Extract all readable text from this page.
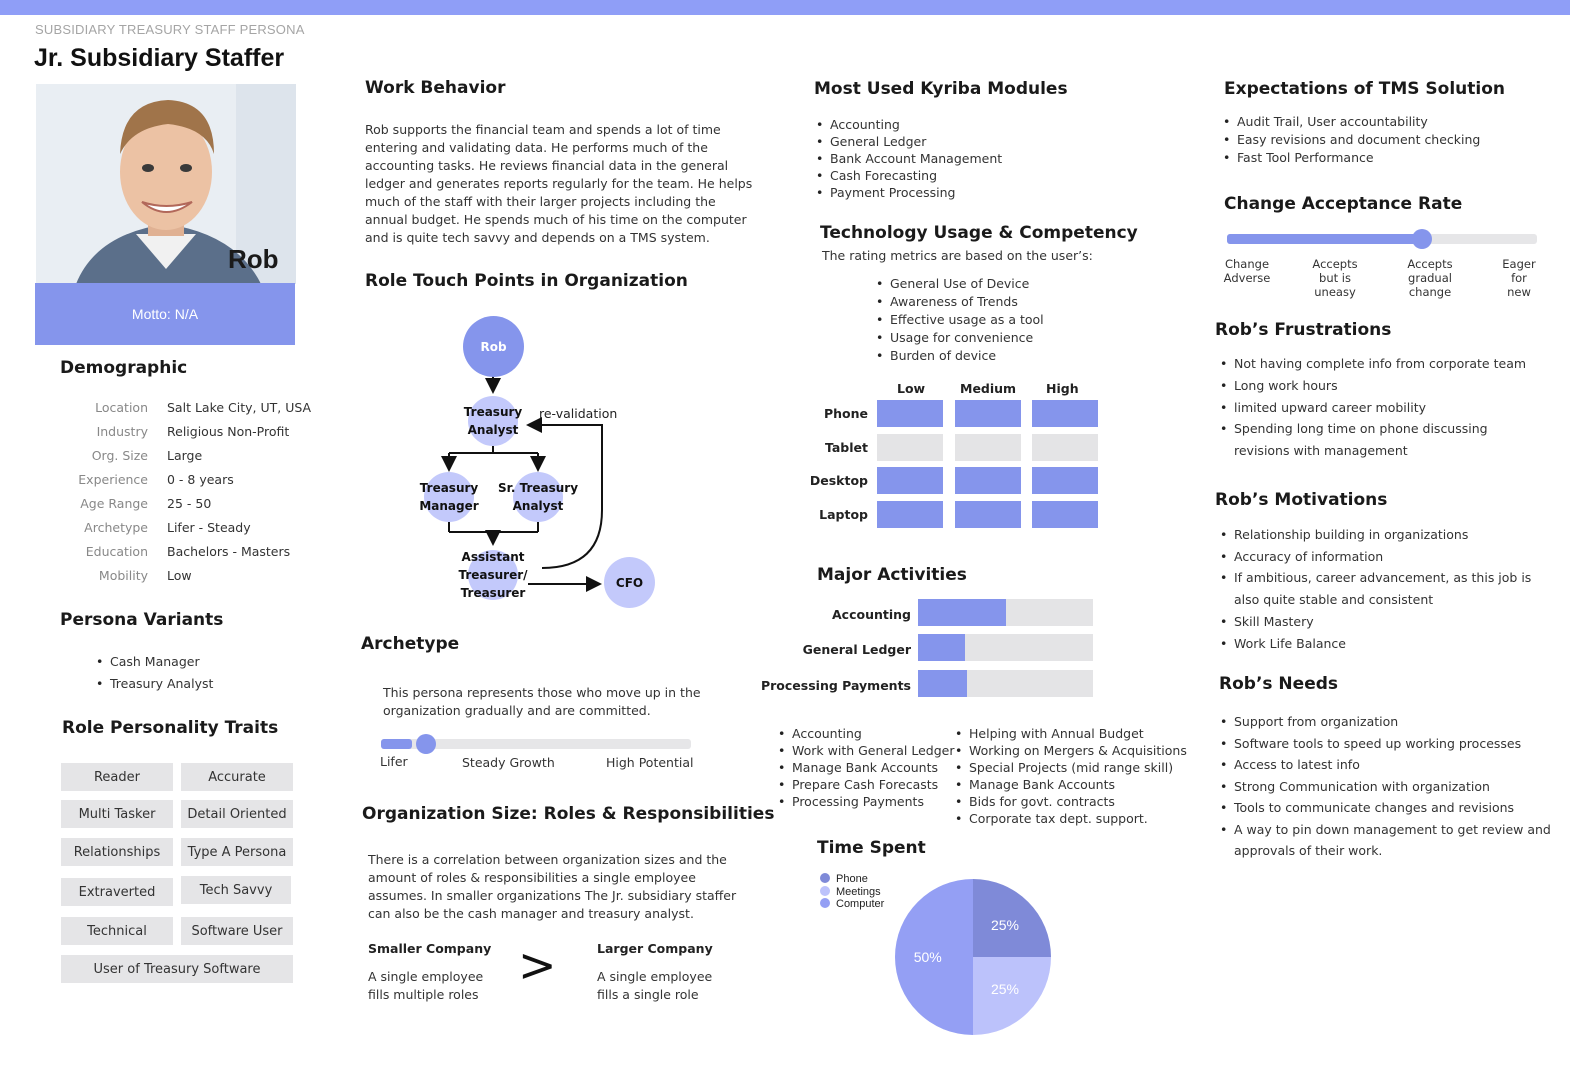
SUBSIDIARY TREASURY STAFF PERSONA
Jr. Subsidiary Staffer
Rob
Motto: N/A
Demographic
Location Salt Lake City, UT, USA
Industry Religious Non-Profit
Org. Size Large
Experience 0 - 8 years
Age Range 25 - 50
Archetype Lifer - Steady
Education Bachelors - Masters
Mobility Low
Persona Variants
• Cash Manager
• Treasury Analyst
Role Personality Traits
Reader	Accurate
Multi Tasker	Detail Oriented
Relationships	Type A Persona
Extraverted	Tech Savvy
Technical	Software User
User of Treasury Software
Work Behavior
Rob supports the financial team and spends a lot of time
entering and validating data. He performs much of the
accounting tasks. He reviews financial data in the general
ledger and generates reports regularly for the team. He helps
much of the staff with their larger projects including the
annual budget. He spends much of his time on the computer
and is quite tech savvy and depends on a TMS system.
Role Touch Points in Organization
Rob
Treasury
Analyst
re-validation
Treasury
Manager
Sr. Treasury
Analyst
Assistant
Treasurer/
Treasurer
CFO
Archetype
This persona represents those who move up in the
organization gradually and are committed.
Lifer	Steady Growth	High Potential
Organization Size: Roles & Responsibilities
There is a correlation between organization sizes and the
amount of roles & responsibilities a single employee
assumes. In smaller organizations The Jr. subsidiary staffer
can also be the cash manager and treasury analyst.
Smaller Company
A single employee
fills multiple roles
>	Larger Company
A single employee
fills a single role
Most Used Kyriba Modules
• Accounting
• General Ledger
• Bank Account Management
• Cash Forecasting
• Payment Processing
Technology Usage & Competency
The rating metrics are based on the user’s:
• General Use of Device
• Awareness of Trends
• Effective usage as a tool
• Usage for convenience
• Burden of device
Low	Medium High
Phone
Tablet
Desktop
Laptop
Major Activities
Accounting
General Ledger
Processing Payments
• Accounting
• Work with General Ledger
• Manage Bank Accounts
• Prepare Cash Forecasts
• Processing Payments
• Helping with Annual Budget
• Working on Mergers & Acquisitions
• Special Projects (mid range skill)
• Manage Bank Accounts
• Bids for govt. contracts
• Corporate tax dept. support.
Time Spent
Phone
Meetings
Computer
25%
25%
50%
Expectations of TMS Solution
• Audit Trail, User accountability
• Easy revisions and document checking
• Fast Tool Performance
Change Acceptance Rate
Change
Adverse
Accepts
but is
uneasy
Accepts
gradual
change
Eager
for
new
Rob’s Frustrations
• Not having complete info from corporate team
• Long work hours
• limited upward career mobility
• Spending long time on phone discussing
revisions with management
Rob’s Motivations
• Relationship building in organizations
• Accuracy of information
• If ambitious, career advancement, as this job is
also quite stable and consistent
• Skill Mastery
• Work Life Balance
Rob’s Needs
• Support from organization
• Software tools to speed up working processes
• Access to latest info
• Strong Communication with organization
• Tools to communicate changes and revisions
• A way to pin down management to get review and
approvals of their work.
